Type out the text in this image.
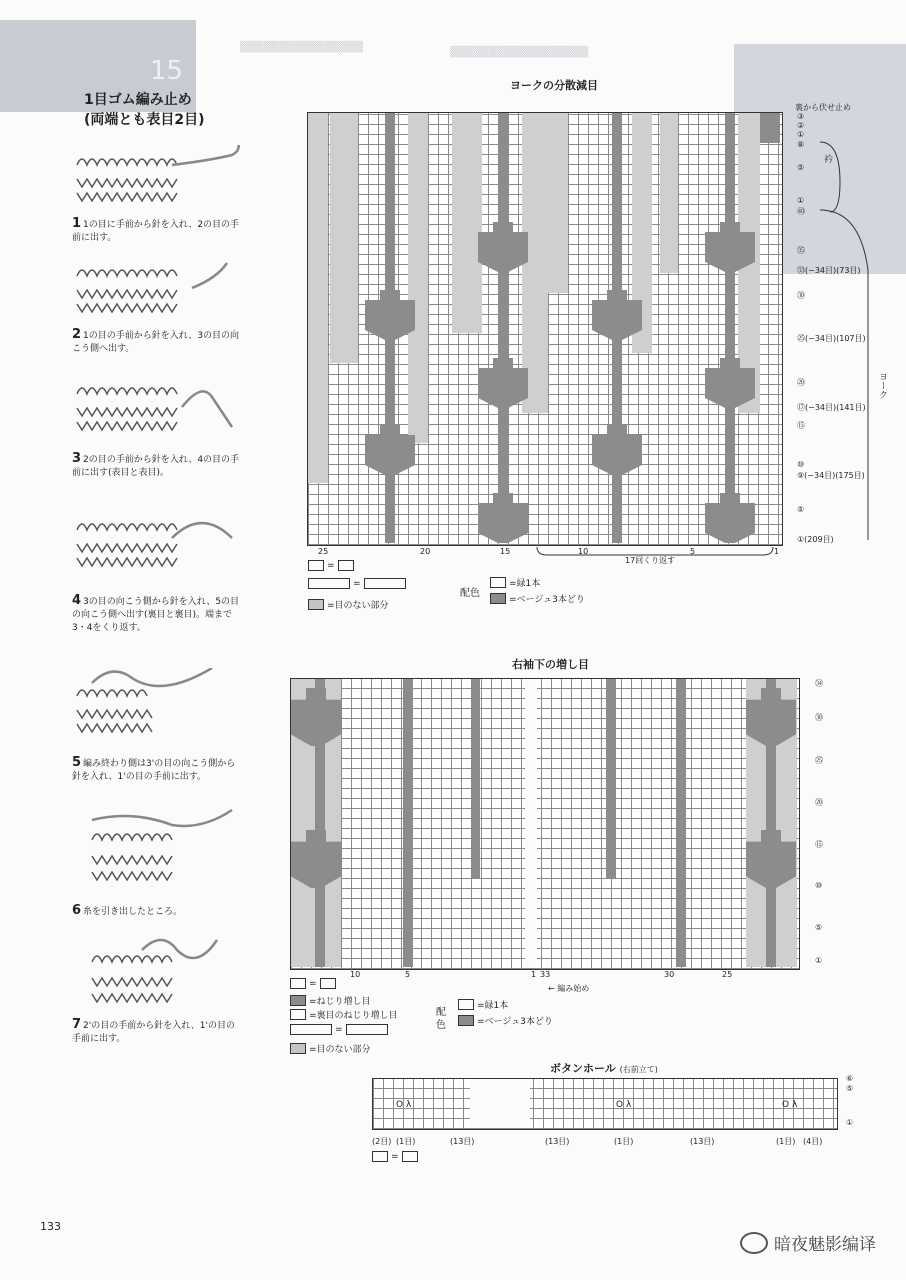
▒▒▒▒▒▒▒▒▒▒▒▒▒▒▒▒	▒▒▒▒▒▒▒▒▒▒▒▒▒▒▒▒▒▒
15
1目ゴム編み止め
(両端とも表目2目)
1 1の目に手前から針を入れ、2の目の手前に出す。
2 1の目の手前から針を入れ、3の目の向こう側へ出す。
3 2の目の手前から針を入れ、4の目の手前に出す(表目と表目)。
4 3の目の向こう側から針を入れ、5の目の向こう側へ出す(裏目と裏目)。端まで3・4をくり返す。
5 編み終わり側は3'の目の向こう側から針を入れ、1'の目の手前に出す。
6 糸を引き出したところ。
7 2'の目の手前から針を入れ、1'の目の手前に出す。
ヨークの分散減目
25	20	15	10	5	1
17回くり返す
裏から伏せ止め
③
②
①
⑧
⑤
①
㊵
㉟
㉝(−34目)(73目)
㉚
㉕(−34目)(107目)
⑳
⑰(−34目)(141目)
⑮
⑩
⑨(−34目)(175目)
⑤
①(209目)
衿
ヨーク
=
=
=目のない部分
配色
=緑1本
=ベージュ3本どり
右袖下の増し目
10	5	1 33	30	25
← 編み始め
㉞
㉚
㉕
⑳
⑮
⑩
⑤
①
=
=ねじり増し目
=裏目のねじり増し目
=
=目のない部分
配
色
=緑1本
=ベージュ3本どり
ボタンホール (右前立て)
O λ	O λ	O λ
⑥
⑤
①
(2目) (1目)	(13目)	(13目)	(1目)	(13目)	(1目) (4目)
=
133
暗夜魅影编译
